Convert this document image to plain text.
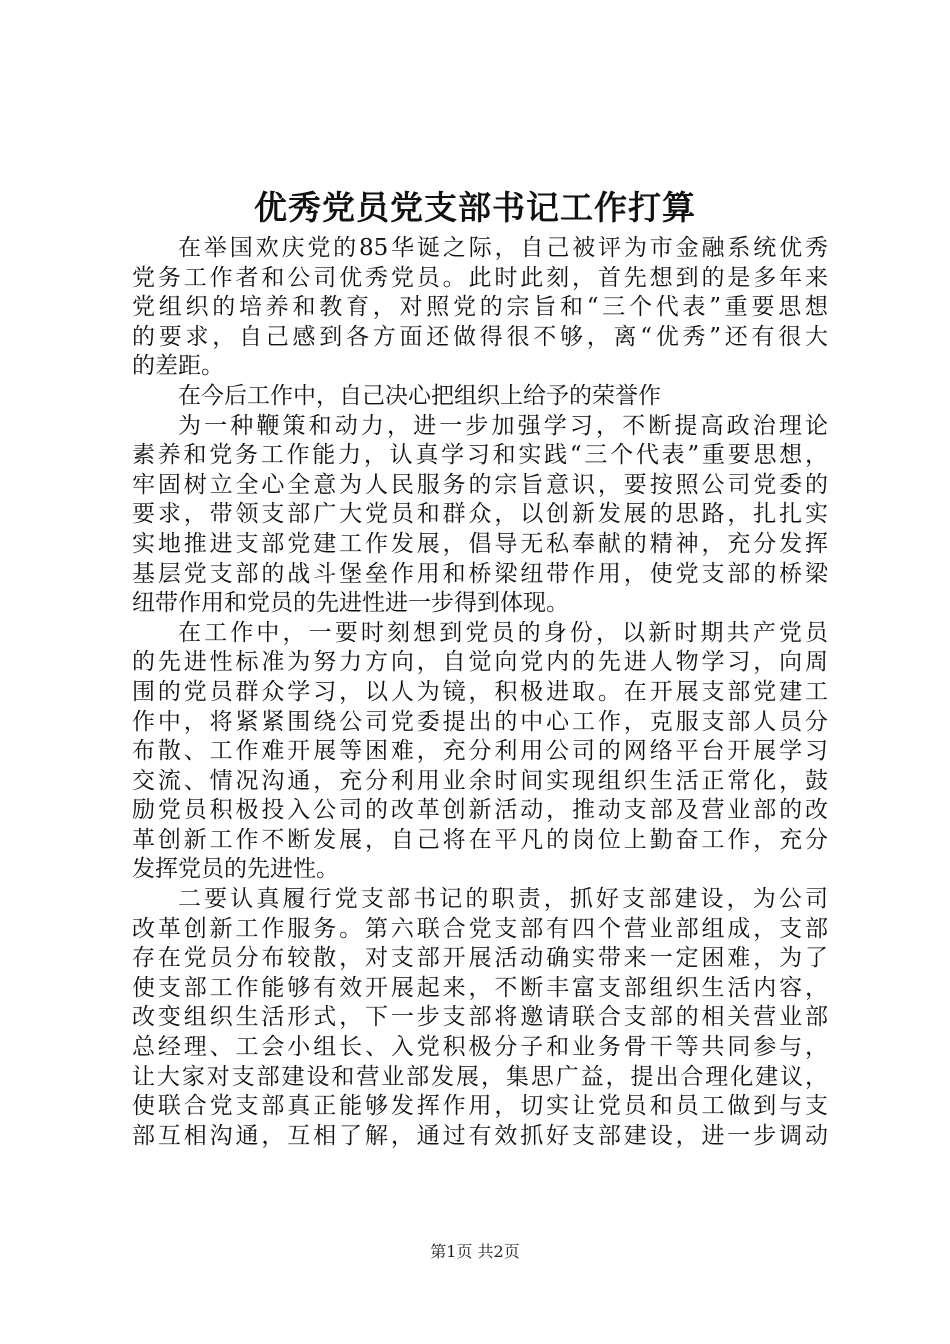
优秀党员党支部书记工作打算
在举国欢庆党的85华诞之际，自己被评为市金融系统优秀
党务工作者和公司优秀党员。此时此刻，首先想到的是多年来
党组织的培养和教育，对照党的宗旨和“三个代表”重要思想
的要求，自己感到各方面还做得很不够，离“优秀”还有很大
的差距。
在今后工作中，自己决心把组织上给予的荣誉作
为一种鞭策和动力，进一步加强学习，不断提高政治理论
素养和党务工作能力，认真学习和实践“三个代表”重要思想，
牢固树立全心全意为人民服务的宗旨意识，要按照公司党委的
要求，带领支部广大党员和群众，以创新发展的思路，扎扎实
实地推进支部党建工作发展，倡导无私奉献的精神，充分发挥
基层党支部的战斗堡垒作用和桥梁纽带作用，使党支部的桥梁
纽带作用和党员的先进性进一步得到体现。
在工作中，一要时刻想到党员的身份，以新时期共产党员
的先进性标准为努力方向，自觉向党内的先进人物学习，向周
围的党员群众学习，以人为镜，积极进取。在开展支部党建工
作中，将紧紧围绕公司党委提出的中心工作，克服支部人员分
布散、工作难开展等困难，充分利用公司的网络平台开展学习
交流、情况沟通，充分利用业余时间实现组织生活正常化，鼓
励党员积极投入公司的改革创新活动，推动支部及营业部的改
革创新工作不断发展，自己将在平凡的岗位上勤奋工作，充分
发挥党员的先进性。
二要认真履行党支部书记的职责，抓好支部建设，为公司
改革创新工作服务。第六联合党支部有四个营业部组成，支部
存在党员分布较散，对支部开展活动确实带来一定困难，为了
使支部工作能够有效开展起来，不断丰富支部组织生活内容，
改变组织生活形式，下一步支部将邀请联合支部的相关营业部
总经理、工会小组长、入党积极分子和业务骨干等共同参与，
让大家对支部建设和营业部发展，集思广益，提出合理化建议，
使联合党支部真正能够发挥作用，切实让党员和员工做到与支
部互相沟通，互相了解，通过有效抓好支部建设，进一步调动
第1页 共2页
